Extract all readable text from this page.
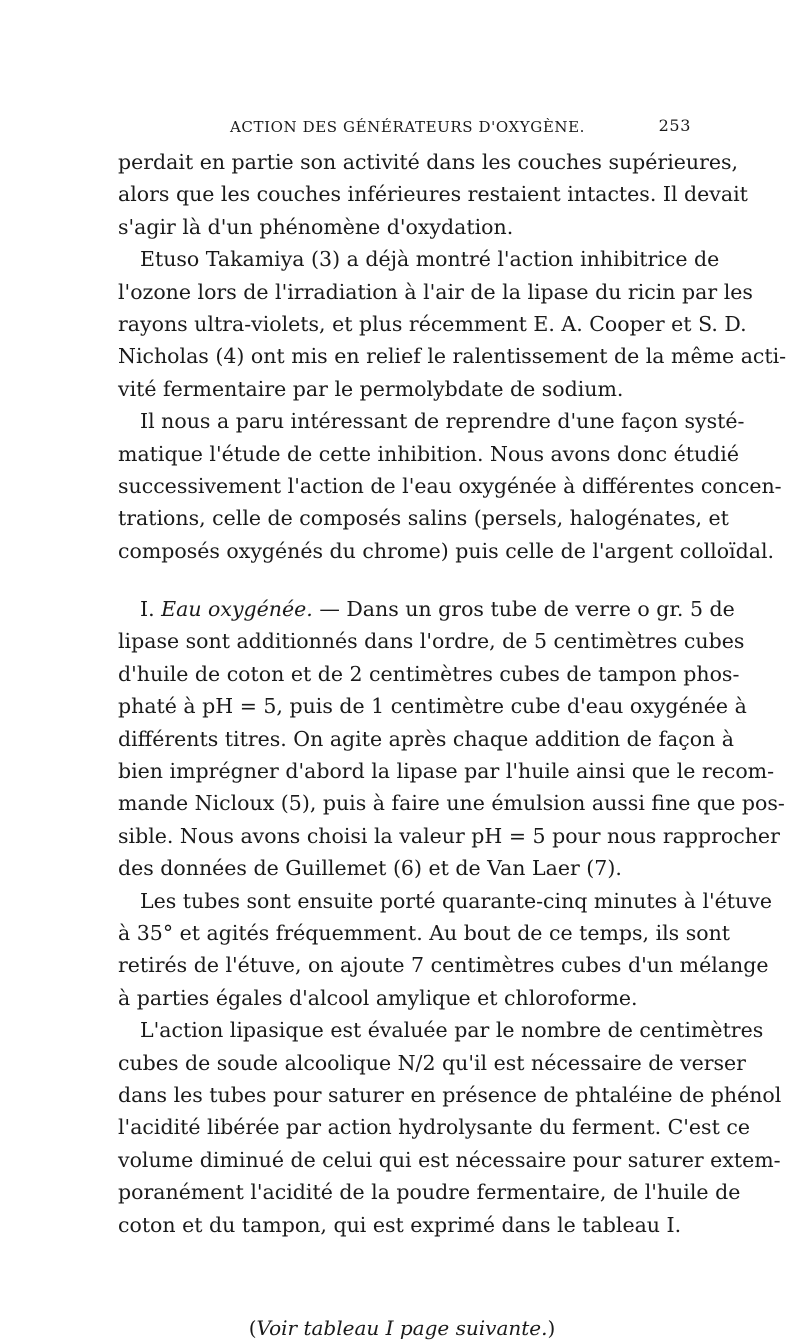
ACTION DES GÉNÉRATEURS D'OXYGÈNE.	253
perdait en partie son activité dans les couches supérieures,
alors que les couches inférieures restaient intactes. Il devait
s'agir là d'un phénomène d'oxydation.
Etuso Takamiya (3) a déjà montré l'action inhibitrice de
l'ozone lors de l'irradiation à l'air de la lipase du ricin par les
rayons ultra-violets, et plus récemment E. A. Cooper et S. D.
Nicholas (4) ont mis en relief le ralentissement de la même acti-
vité fermentaire par le permolybdate de sodium.
Il nous a paru intéressant de reprendre d'une façon systé-
matique l'étude de cette inhibition. Nous avons donc étudié
successivement l'action de l'eau oxygénée à différentes concen-
trations, celle de composés salins (persels, halogénates, et
composés oxygénés du chrome) puis celle de l'argent colloïdal.
I. Eau oxygénée. — Dans un gros tube de verre o gr. 5 de
lipase sont additionnés dans l'ordre, de 5 centimètres cubes
d'huile de coton et de 2 centimètres cubes de tampon phos-
phaté à pH = 5, puis de 1 centimètre cube d'eau oxygénée à
différents titres. On agite après chaque addition de façon à
bien imprégner d'abord la lipase par l'huile ainsi que le recom-
mande Nicloux (5), puis à faire une émulsion aussi fine que pos-
sible. Nous avons choisi la valeur pH = 5 pour nous rapprocher
des données de Guillemet (6) et de Van Laer (7).
Les tubes sont ensuite porté quarante-cinq minutes à l'étuve
à 35° et agités fréquemment. Au bout de ce temps, ils sont
retirés de l'étuve, on ajoute 7 centimètres cubes d'un mélange
à parties égales d'alcool amylique et chloroforme.
L'action lipasique est évaluée par le nombre de centimètres
cubes de soude alcoolique N/2 qu'il est nécessaire de verser
dans les tubes pour saturer en présence de phtaléine de phénol
l'acidité libérée par action hydrolysante du ferment. C'est ce
volume diminué de celui qui est nécessaire pour saturer extem-
poranément l'acidité de la poudre fermentaire, de l'huile de
coton et du tampon, qui est exprimé dans le tableau I.
(Voir tableau I page suivante.)
